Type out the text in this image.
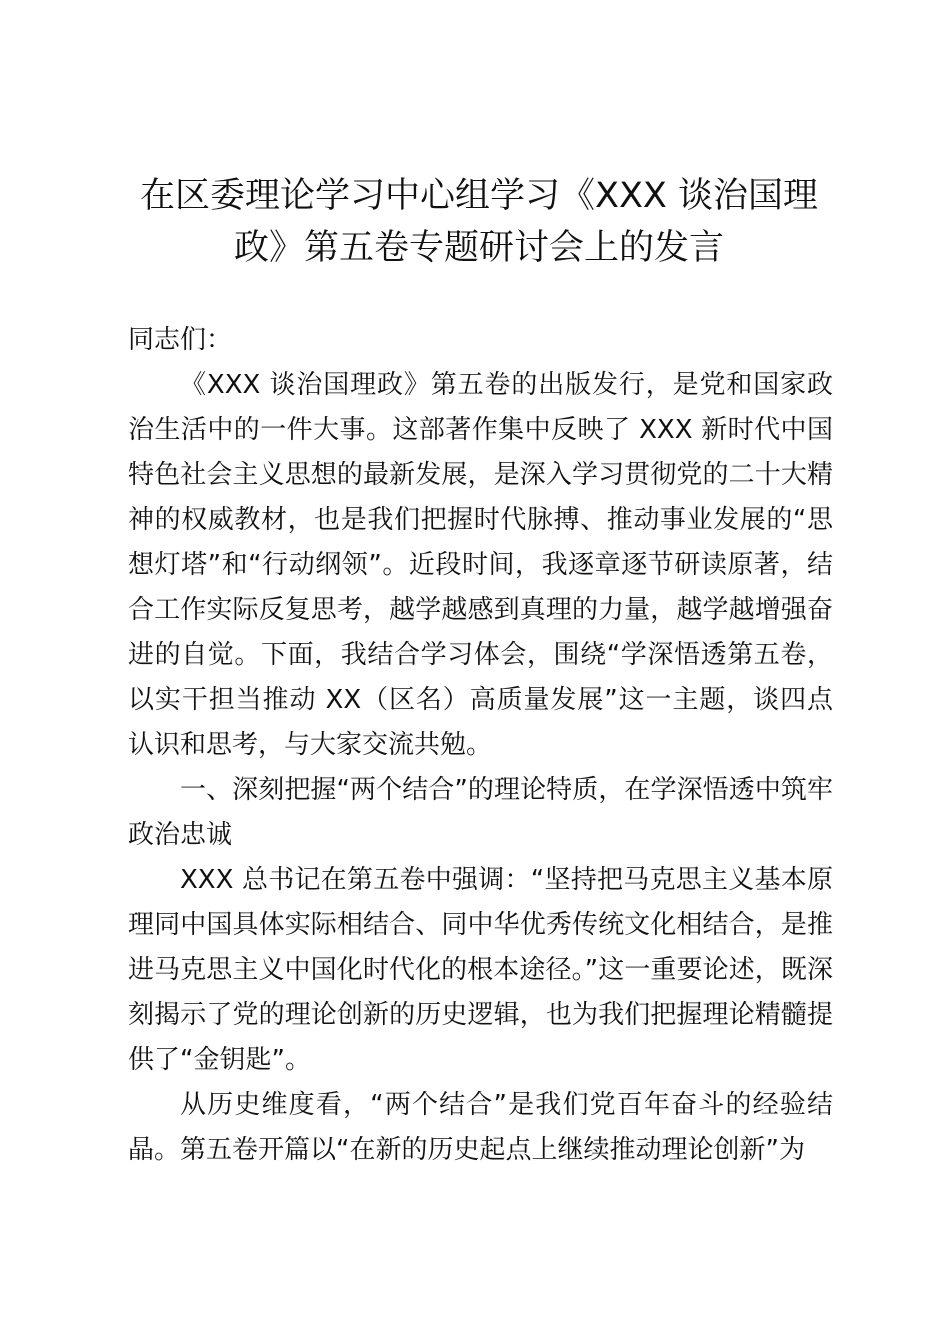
在区委理论学习中心组学习《XXX 谈治国理
政》第五卷专题研讨会上的发言

同志们：

《XXX 谈治国理政》第五卷的出版发行，是党和国家政治生活中的一件大事。这部著作集中反映了 XXX 新时代中国特色社会主义思想的最新发展，是深入学习贯彻党的二十大精神的权威教材，也是我们把握时代脉搏、推动事业发展的“思想灯塔”和“行动纲领”。近段时间，我逐章逐节研读原著，结合工作实际反复思考，越学越感到真理的力量，越学越增强奋进的自觉。下面，我结合学习体会，围绕“学深悟透第五卷，以实干担当推动 XX（区名）高质量发展”这一主题，谈四点认识和思考，与大家交流共勉。

一、深刻把握“两个结合”的理论特质，在学深悟透中筑牢政治忠诚

XXX 总书记在第五卷中强调：“坚持把马克思主义基本原理同中国具体实际相结合、同中华优秀传统文化相结合，是推进马克思主义中国化时代化的根本途径。”这一重要论述，既深刻揭示了党的理论创新的历史逻辑，也为我们把握理论精髓提供了“金钥匙”。

从历史维度看，“两个结合”是我们党百年奋斗的经验结晶。第五卷开篇以“在新的历史起点上继续推动理论创新”为
